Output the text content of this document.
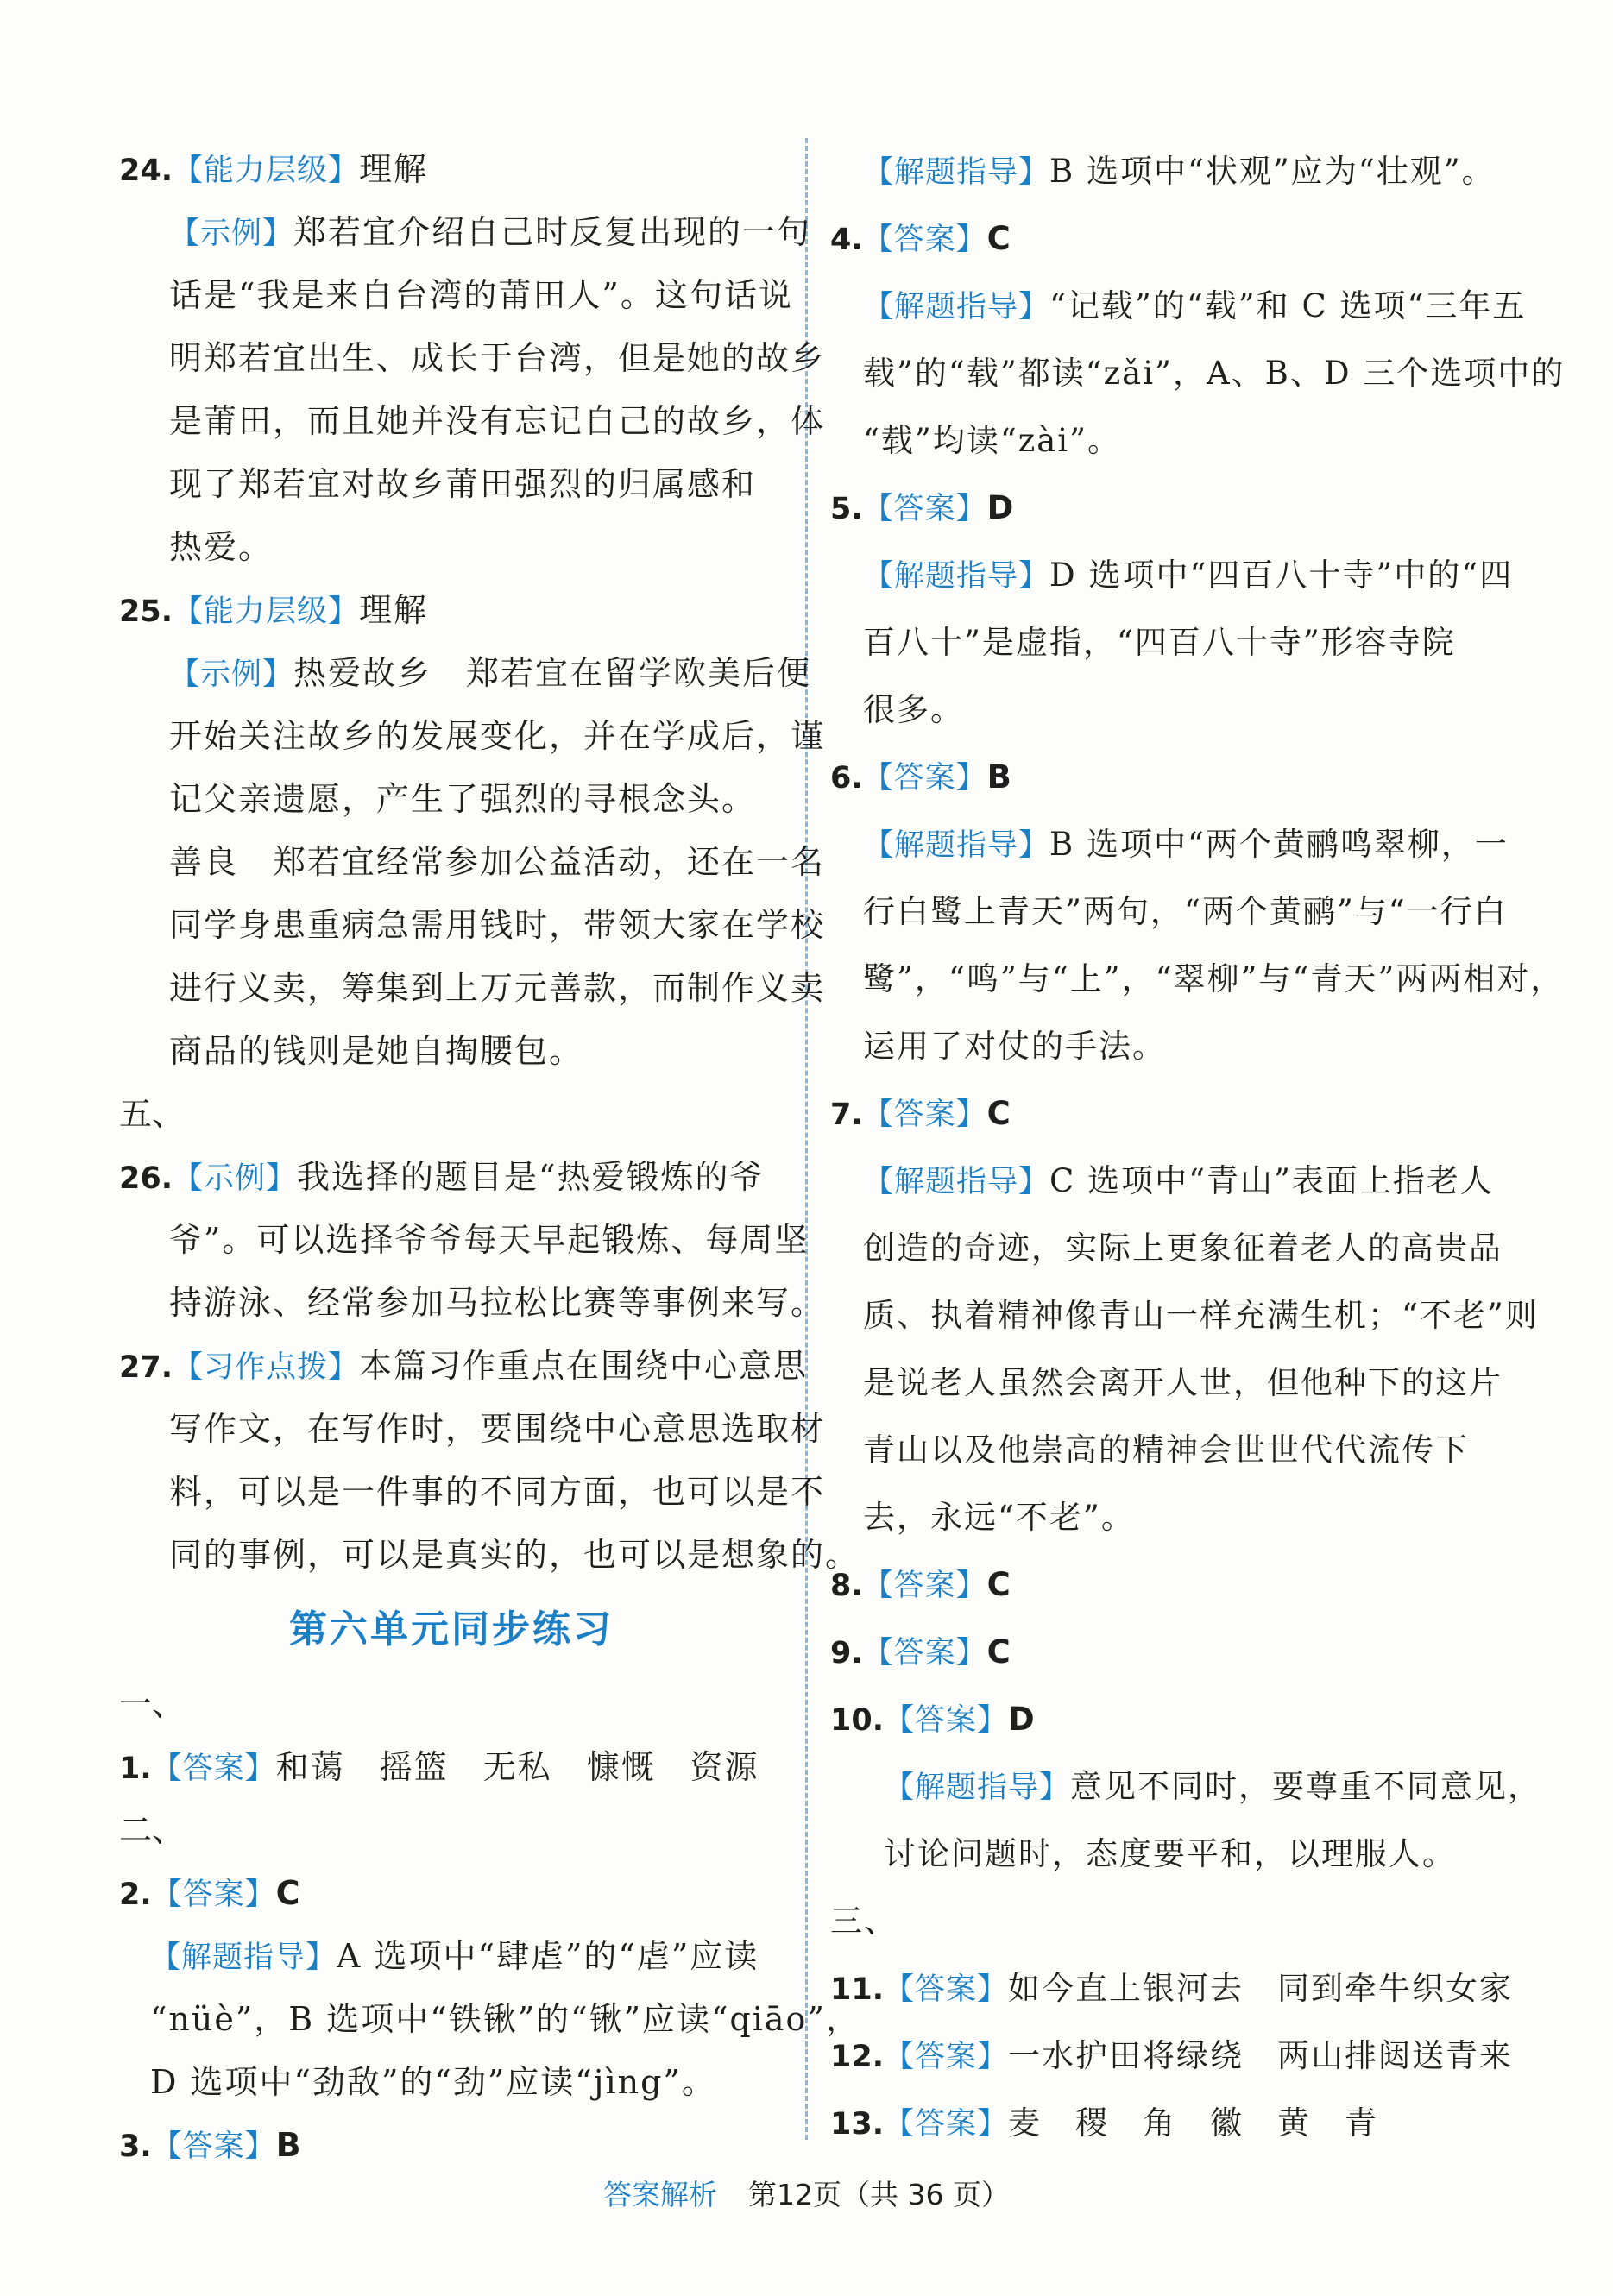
24.【能力层级】理解
【示例】郑若宜介绍自己时反复出现的一句
话是“我是来自台湾的莆田人”。这句话说
明郑若宜出生、成长于台湾，但是她的故乡
是莆田，而且她并没有忘记自己的故乡，体
现了郑若宜对故乡莆田强烈的归属感和
热爱。
25.【能力层级】理解
【示例】热爱故乡　郑若宜在留学欧美后便
开始关注故乡的发展变化，并在学成后，谨
记父亲遗愿，产生了强烈的寻根念头。
善良　郑若宜经常参加公益活动，还在一名
同学身患重病急需用钱时，带领大家在学校
进行义卖，筹集到上万元善款，而制作义卖
商品的钱则是她自掏腰包。
五、
26.【示例】我选择的题目是“热爱锻炼的爷
爷”。可以选择爷爷每天早起锻炼、每周坚
持游泳、经常参加马拉松比赛等事例来写。
27.【习作点拨】本篇习作重点在围绕中心意思
写作文，在写作时，要围绕中心意思选取材
料，可以是一件事的不同方面，也可以是不
同的事例，可以是真实的，也可以是想象的。
第六单元同步练习
一、
1.【答案】和蔼　摇篮　无私　慷慨　资源
二、
2.【答案】C
【解题指导】A 选项中“肆虐”的“虐”应读
“nüè”，B 选项中“铁锹”的“锹”应读“qiāo”，
D 选项中“劲敌”的“劲”应读“jìng”。
3.【答案】B
【解题指导】B 选项中“状观”应为“壮观”。
4.【答案】C
【解题指导】“记载”的“载”和 C 选项“三年五
载”的“载”都读“zǎi”，A、B、D 三个选项中的
“载”均读“zài”。
5.【答案】D
【解题指导】D 选项中“四百八十寺”中的“四
百八十”是虚指，“四百八十寺”形容寺院
很多。
6.【答案】B
【解题指导】B 选项中“两个黄鹂鸣翠柳，一
行白鹭上青天”两句，“两个黄鹂”与“一行白
鹭”，“鸣”与“上”，“翠柳”与“青天”两两相对，
运用了对仗的手法。
7.【答案】C
【解题指导】C 选项中“青山”表面上指老人
创造的奇迹，实际上更象征着老人的高贵品
质、执着精神像青山一样充满生机；“不老”则
是说老人虽然会离开人世，但他种下的这片
青山以及他崇高的精神会世世代代流传下
去，永远“不老”。
8.【答案】C
9.【答案】C
10.【答案】D
【解题指导】意见不同时，要尊重不同意见，
讨论问题时，态度要平和，以理服人。
三、
11.【答案】如今直上银河去　同到牵牛织女家
12.【答案】一水护田将绿绕　两山排闼送青来
13.【答案】麦　稷　角　徽　黄　青
答案解析 第12页（共 36 页）
